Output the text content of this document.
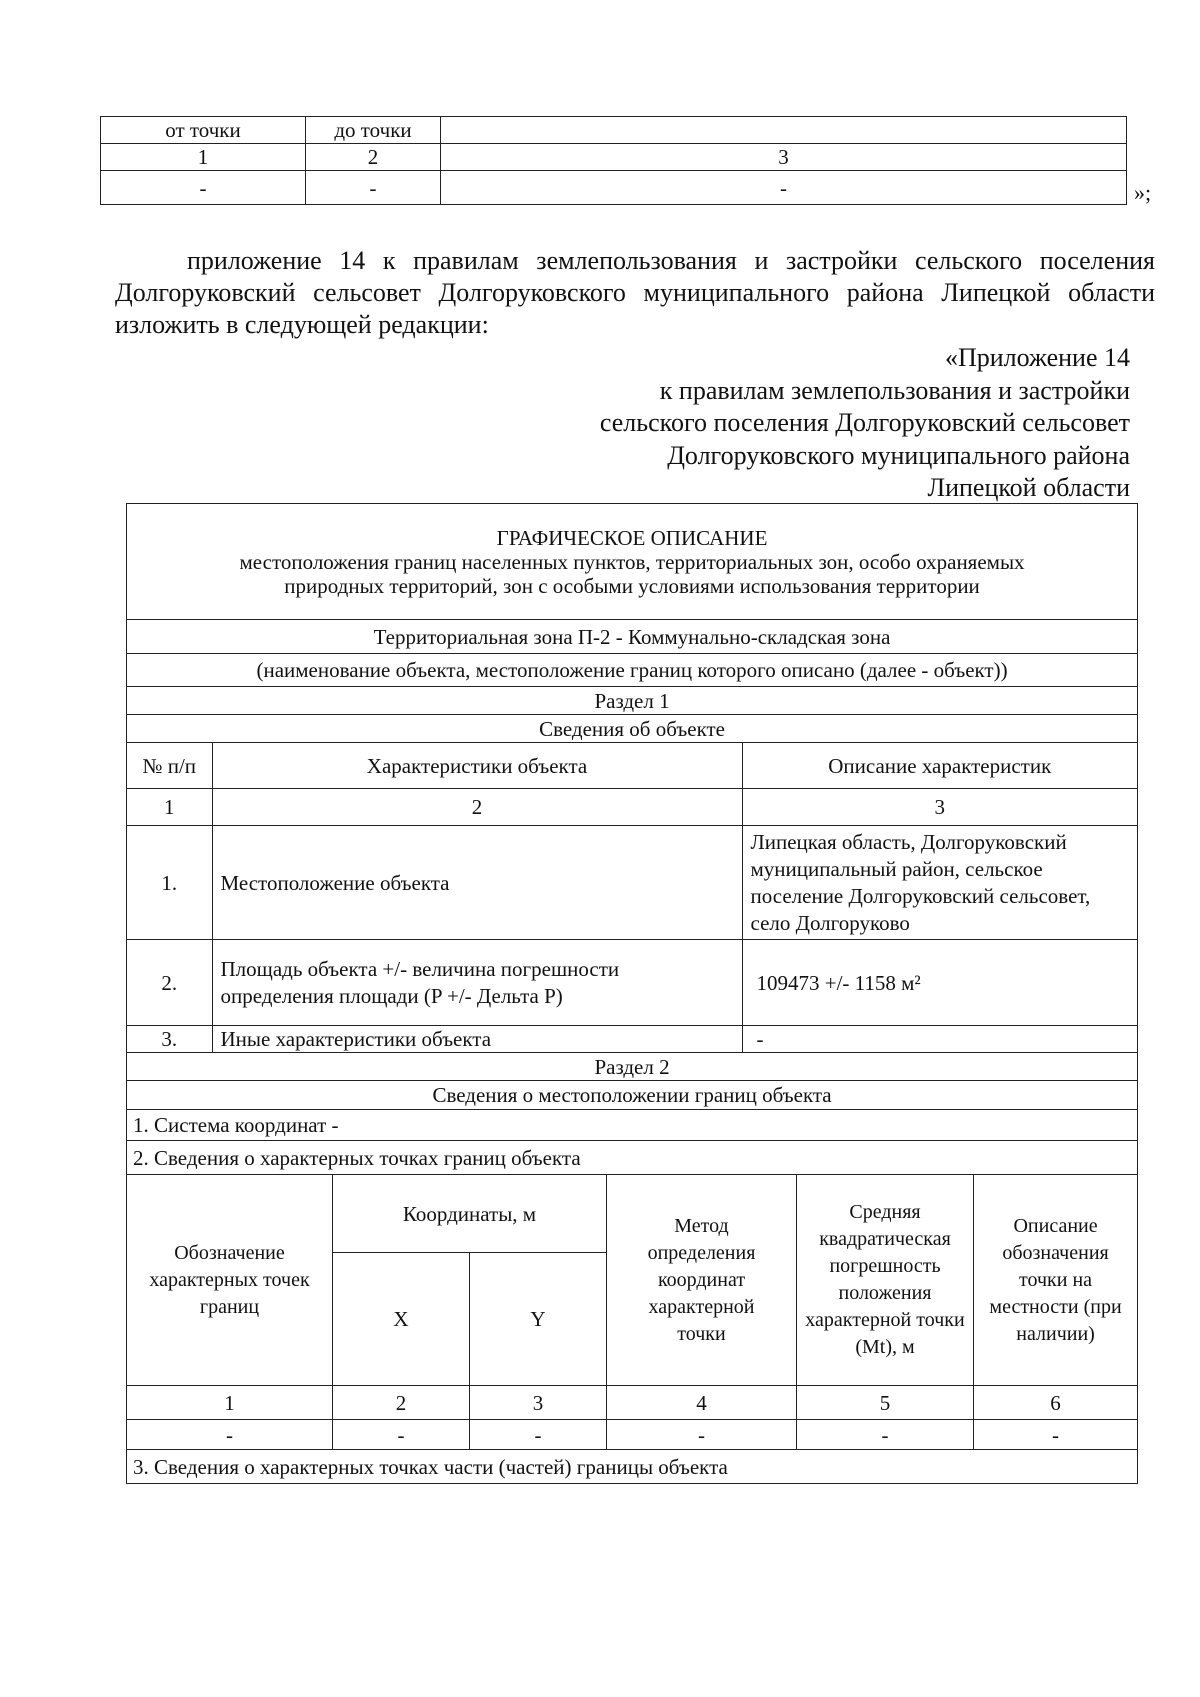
от точки	до точки	
1	2	3
-	-	-	»;

приложение 14 к правилам землепользования и застройки сельского поселения Долгоруковский сельсовет Долгоруковского муниципального района Липецкой области изложить в следующей редакции:

«Приложение 14
к правилам землепользования и застройки
сельского поселения Долгоруковский сельсовет
Долгоруковского муниципального района
Липецкой области
ГРАФИЧЕСКОЕ ОПИСАНИЕ
местоположения границ населенных пунктов, территориальных зон, особо охраняемых природных территорий, зон с особыми условиями использования территории

Территориальная зона П-2 - Коммунально-складская зона
(наименование объекта, местоположение границ которого описано (далее - объект))
Раздел 1
Сведения об объекте

№ п/п	Характеристики объекта	Описание характеристик

1	2	3

1.	Местоположение объекта	Липецкая область, Долгоруковский муниципальный район, сельское поселение Долгоруковский сельсовет, село Долгоруково

2.	Площадь объекта +/- величина погрешности определения площади (P +/- Дельта P)	109473 +/- 1158 м²

3.	Иные характеристики объекта	-

Раздел 2
Сведения о местоположении границ объекта
1. Система координат -
2. Сведения о характерных точках границ объекта
Обозначение характерных точек границ	Координаты, м	Метод определения координат характерной точки	Средняя квадратическая погрешность положения характерной точки (Mt), м	Описание обозначения точки на местности (при наличии)
X	Y
1	2	3	4	5	6
-	-	-	-	-	-
3. Сведения о характерных точках части (частей) границы объекта
